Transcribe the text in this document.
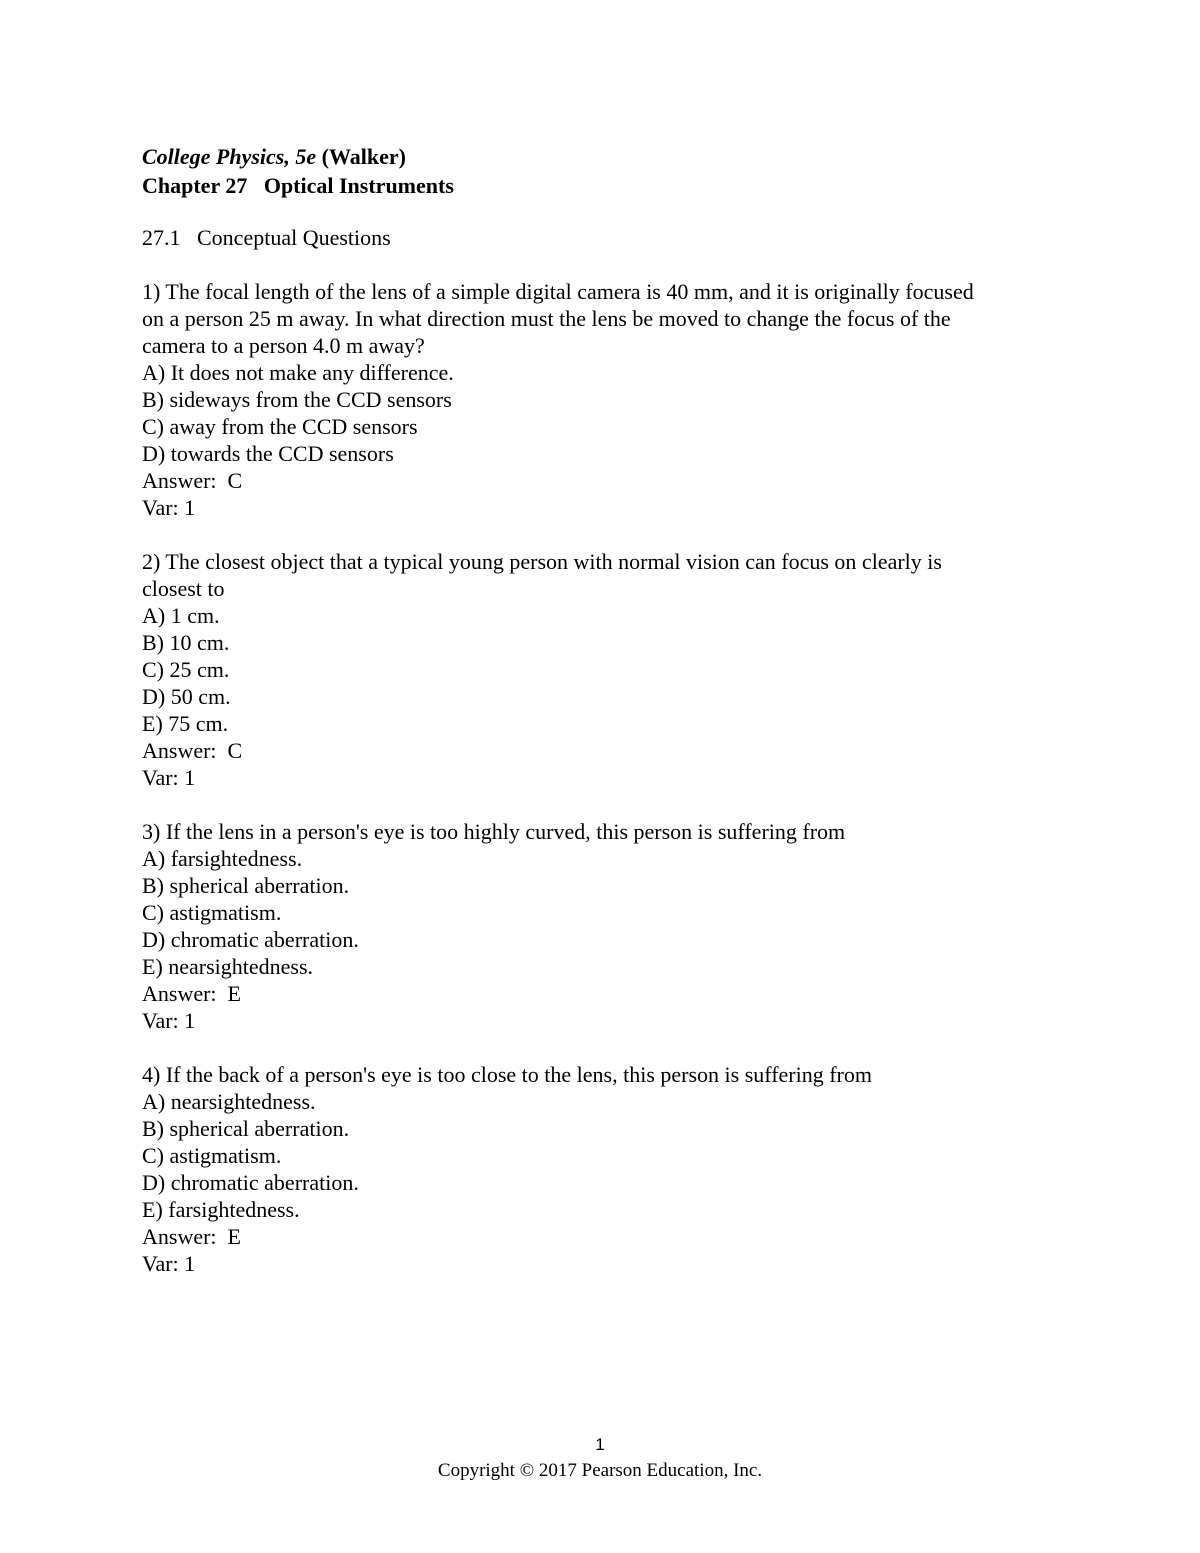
College Physics, 5e (Walker)
Chapter 27 Optical Instruments
27.1 Conceptual Questions
1) The focal length of the lens of a simple digital camera is 40 mm, and it is originally focused
on a person 25 m away. In what direction must the lens be moved to change the focus of the
camera to a person 4.0 m away?
A) It does not make any difference.
B) sideways from the CCD sensors
C) away from the CCD sensors
D) towards the CCD sensors
Answer:  C
Var: 1
2) The closest object that a typical young person with normal vision can focus on clearly is
closest to
A) 1 cm.
B) 10 cm.
C) 25 cm.
D) 50 cm.
E) 75 cm.
Answer:  C
Var: 1
3) If the lens in a person's eye is too highly curved, this person is suffering from
A) farsightedness.
B) spherical aberration.
C) astigmatism.
D) chromatic aberration.
E) nearsightedness.
Answer:  E
Var: 1
4) If the back of a person's eye is too close to the lens, this person is suffering from
A) nearsightedness.
B) spherical aberration.
C) astigmatism.
D) chromatic aberration.
E) farsightedness.
Answer:  E
Var: 1
1
Copyright © 2017 Pearson Education, Inc.
